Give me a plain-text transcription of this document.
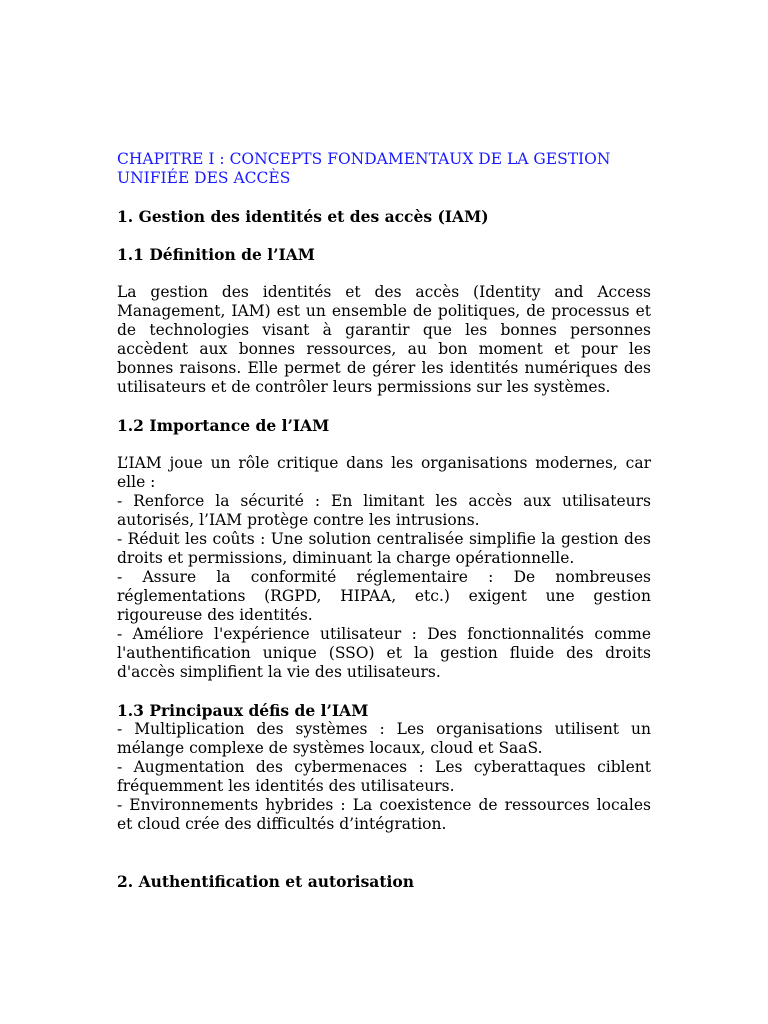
CHAPITRE I : CONCEPTS FONDAMENTAUX DE LA GESTION UNIFIÉE DES ACCÈS

1. Gestion des identités et des accès (IAM)
1.1 Définition de l’IAM

La gestion des identités et des accès (Identity and Access Management, IAM) est un ensemble de politiques, de processus et de technologies visant à garantir que les bonnes personnes accèdent aux bonnes ressources, au bon moment et pour les bonnes raisons. Elle permet de gérer les identités numériques des utilisateurs et de contrôler leurs permissions sur les systèmes.

1.2 Importance de l’IAM

L’IAM joue un rôle critique dans les organisations modernes, car elle :

- Renforce la sécurité : En limitant les accès aux utilisateurs autorisés, l’IAM protège contre les intrusions.

- Réduit les coûts : Une solution centralisée simplifie la gestion des droits et permissions, diminuant la charge opérationnelle.

- Assure la conformité réglementaire : De nombreuses réglementations (RGPD, HIPAA, etc.) exigent une gestion rigoureuse des identités.

- Améliore l'expérience utilisateur : Des fonctionnalités comme l'authentification unique (SSO) et la gestion fluide des droits d'accès simplifient la vie des utilisateurs.

1.3 Principaux défis de l’IAM

- Multiplication des systèmes : Les organisations utilisent un mélange complexe de systèmes locaux, cloud et SaaS.

- Augmentation des cybermenaces : Les cyberattaques ciblent fréquemment les identités des utilisateurs.

- Environnements hybrides : La coexistence de ressources locales et cloud crée des difficultés d’intégration.

2. Authentification et autorisation
